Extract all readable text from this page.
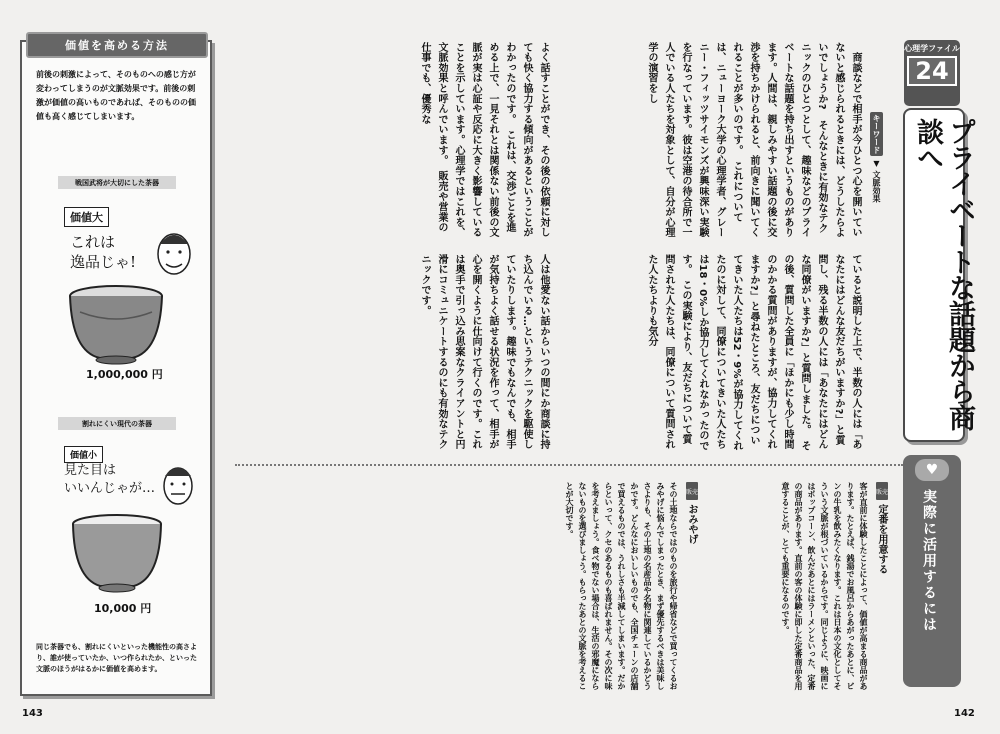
143	142
価値を高める方法
前後の刺激によって、そのものへの感じ方が変わってしまうのが文脈効果です。前後の刺激が価値の高いものであれば、そのものの価値も高く感じてしまいます。
戦国武将が大切にした茶器
価値大
これは
逸品じゃ!
1,000,000 円
割れにくい現代の茶器
価値小
見た目は
いいんじゃが…
10,000 円
同じ茶器でも、割れにくいといった機能性の高さより、誰が使っていたか、いつ作られたか、といった文脈のほうがはるかに価値を高めます。
心理学ファイル
24
プライベートな話題から商談へ
キーワード ▼ 文脈効果

　商談などで相手が今ひとつ心を開いていないと感じられるときには、どうしたらよいでしょうか?　そんなときに有効なテクニックのひとつとして、趣味などのプライベートな話題を持ち出すというものがあります。人間は、親しみやすい話題の後に交渉を持ちかけられると、前向きに聞いてくれることが多いのです。　これについては、ニューヨーク大学の心理学者、グレーニー・フィッツサイモンズが興味深い実験を行なっています。彼は空港の待合所で一人でいる人たちを対象として、自分が心理学の演習をし

ていると説明した上で、半数の人には「あなたにはどんな友だちがいますか?」と質問し、残る半数の人には「あなたにはどんな同僚がいますか?」と質問しました。　その後、質問した全員に「ほかにも少し時間のかかる質問がありますが、協力してくれますか?」と尋ねたところ、友だちについてきいた人たちは52・9%が協力してくれたのに対して、同僚についてきいた人たちは18・0%しか協力してくれなかったのです。　この実験により、友だちについて質問された人たちは、同僚について質問された人たちよりも気分

よく話すことができ、その後の依頼に対しても快く協力する傾向があるということがわかったのです。　これは、交渉ごとを進める上で、一見それとは関係ない前後の文脈が実は心証や反応に大きく影響していることを示しています。心理学ではこれを、文脈効果と呼んでいます。　販売や営業の仕事でも、優秀な

人は他愛ない話からいつの間にか商談に持ち込んでいる…というテクニックを駆使していたりします。趣味でもなんでも、相手が気持ちよく話せる状況を作って、相手が心を開くように仕向けて行くのです。これは奥手で引っ込み思案なクライアントと円滑にコミュニケートするのにも有効なテクニックです。

♥
実際に活用するには
販売
定番を用意する

客が直前に体験したことによって、価値が高まる商品があります。たとえば、銭湯でお風呂からあがったあとに、ビンの牛乳を飲みたくなります。これは日本の文化としてそういう文脈が根づいているからです。同じように、映画にはポップコーン、飲んだあとにはラーメンといった、定番の商品があります。直前の客の体験に即した定番商品を用意することが、とても重要になるのです。

販売
おみやげ

その土地ならではのものを旅行や帰省などで買ってくるおみやげに悩んでしまったとき、まず優先するべきは美味しさよりも、その土地の名産品や名物に関連しているかどうかです。どんなにおいしいものでも、全国チェーンの店舗で買えるものでは、うれしさも半減してしまいます。だからといって、クセのあるものも喜ばれません。その次に味を考えましょう。食べ物でない場合は、生活の邪魔にならないものを選びましょう。もらったあとの文脈を考えることが大切です。
